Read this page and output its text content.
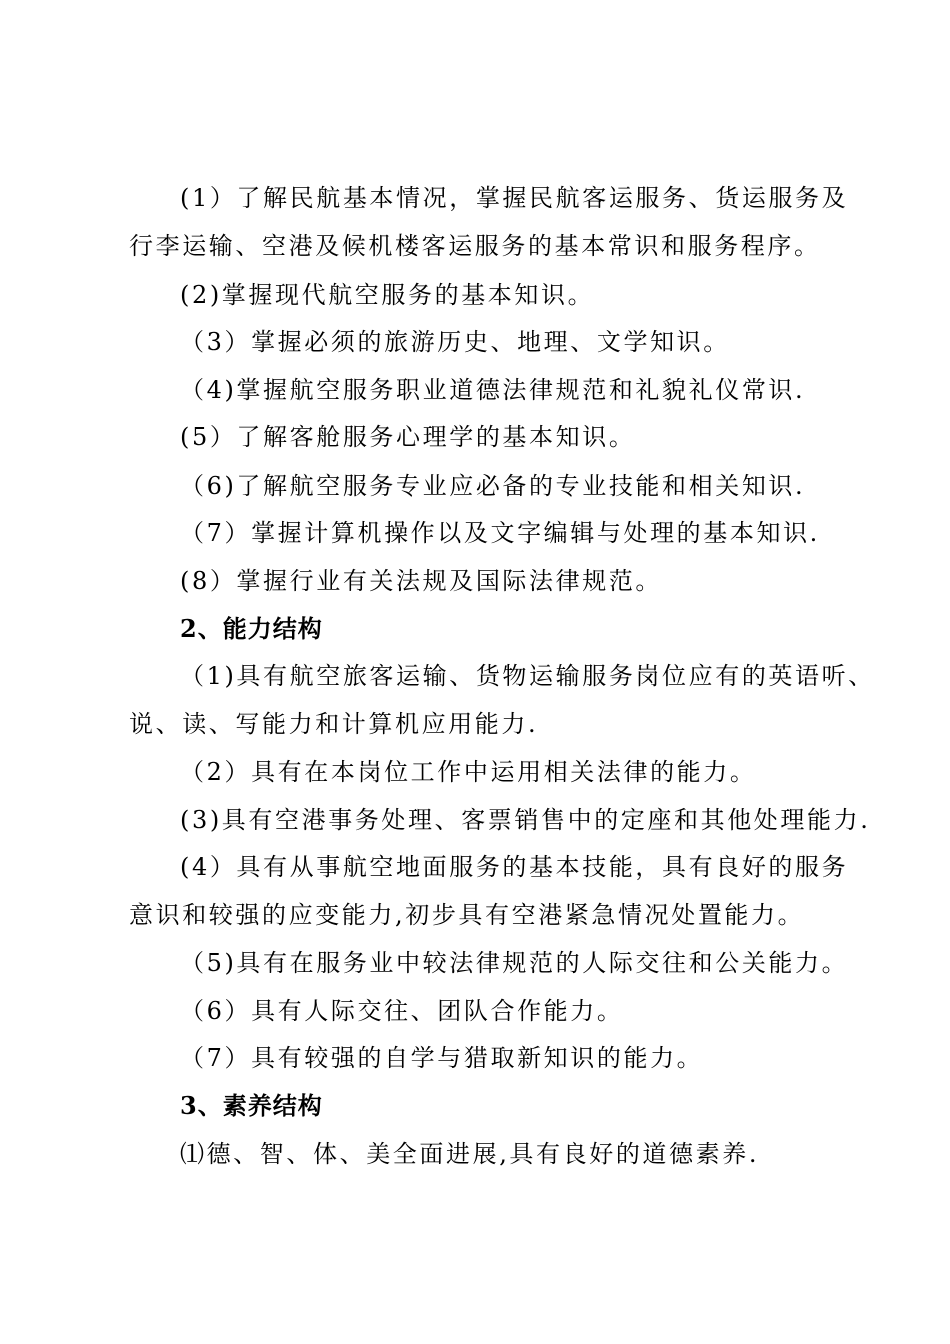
(1）了解民航基本情况，掌握民航客运服务、货运服务及
行李运输、空港及候机楼客运服务的基本常识和服务程序。
(2)掌握现代航空服务的基本知识。
（3）掌握必须的旅游历史、地理、文学知识。
（4)掌握航空服务职业道德法律规范和礼貌礼仪常识.
(5）了解客舱服务心理学的基本知识。
（6)了解航空服务专业应必备的专业技能和相关知识.
（7）掌握计算机操作以及文字编辑与处理的基本知识.
(8）掌握行业有关法规及国际法律规范。
2、能力结构
（1)具有航空旅客运输、货物运输服务岗位应有的英语听、
说、读、写能力和计算机应用能力.
（2）具有在本岗位工作中运用相关法律的能力。
(3)具有空港事务处理、客票销售中的定座和其他处理能力.
(4）具有从事航空地面服务的基本技能，具有良好的服务
意识和较强的应变能力,初步具有空港紧急情况处置能力。
（5)具有在服务业中较法律规范的人际交往和公关能力。
（6）具有人际交往、团队合作能力。
（7）具有较强的自学与猎取新知识的能力。
3、素养结构
⑴德、智、体、美全面进展,具有良好的道德素养.
